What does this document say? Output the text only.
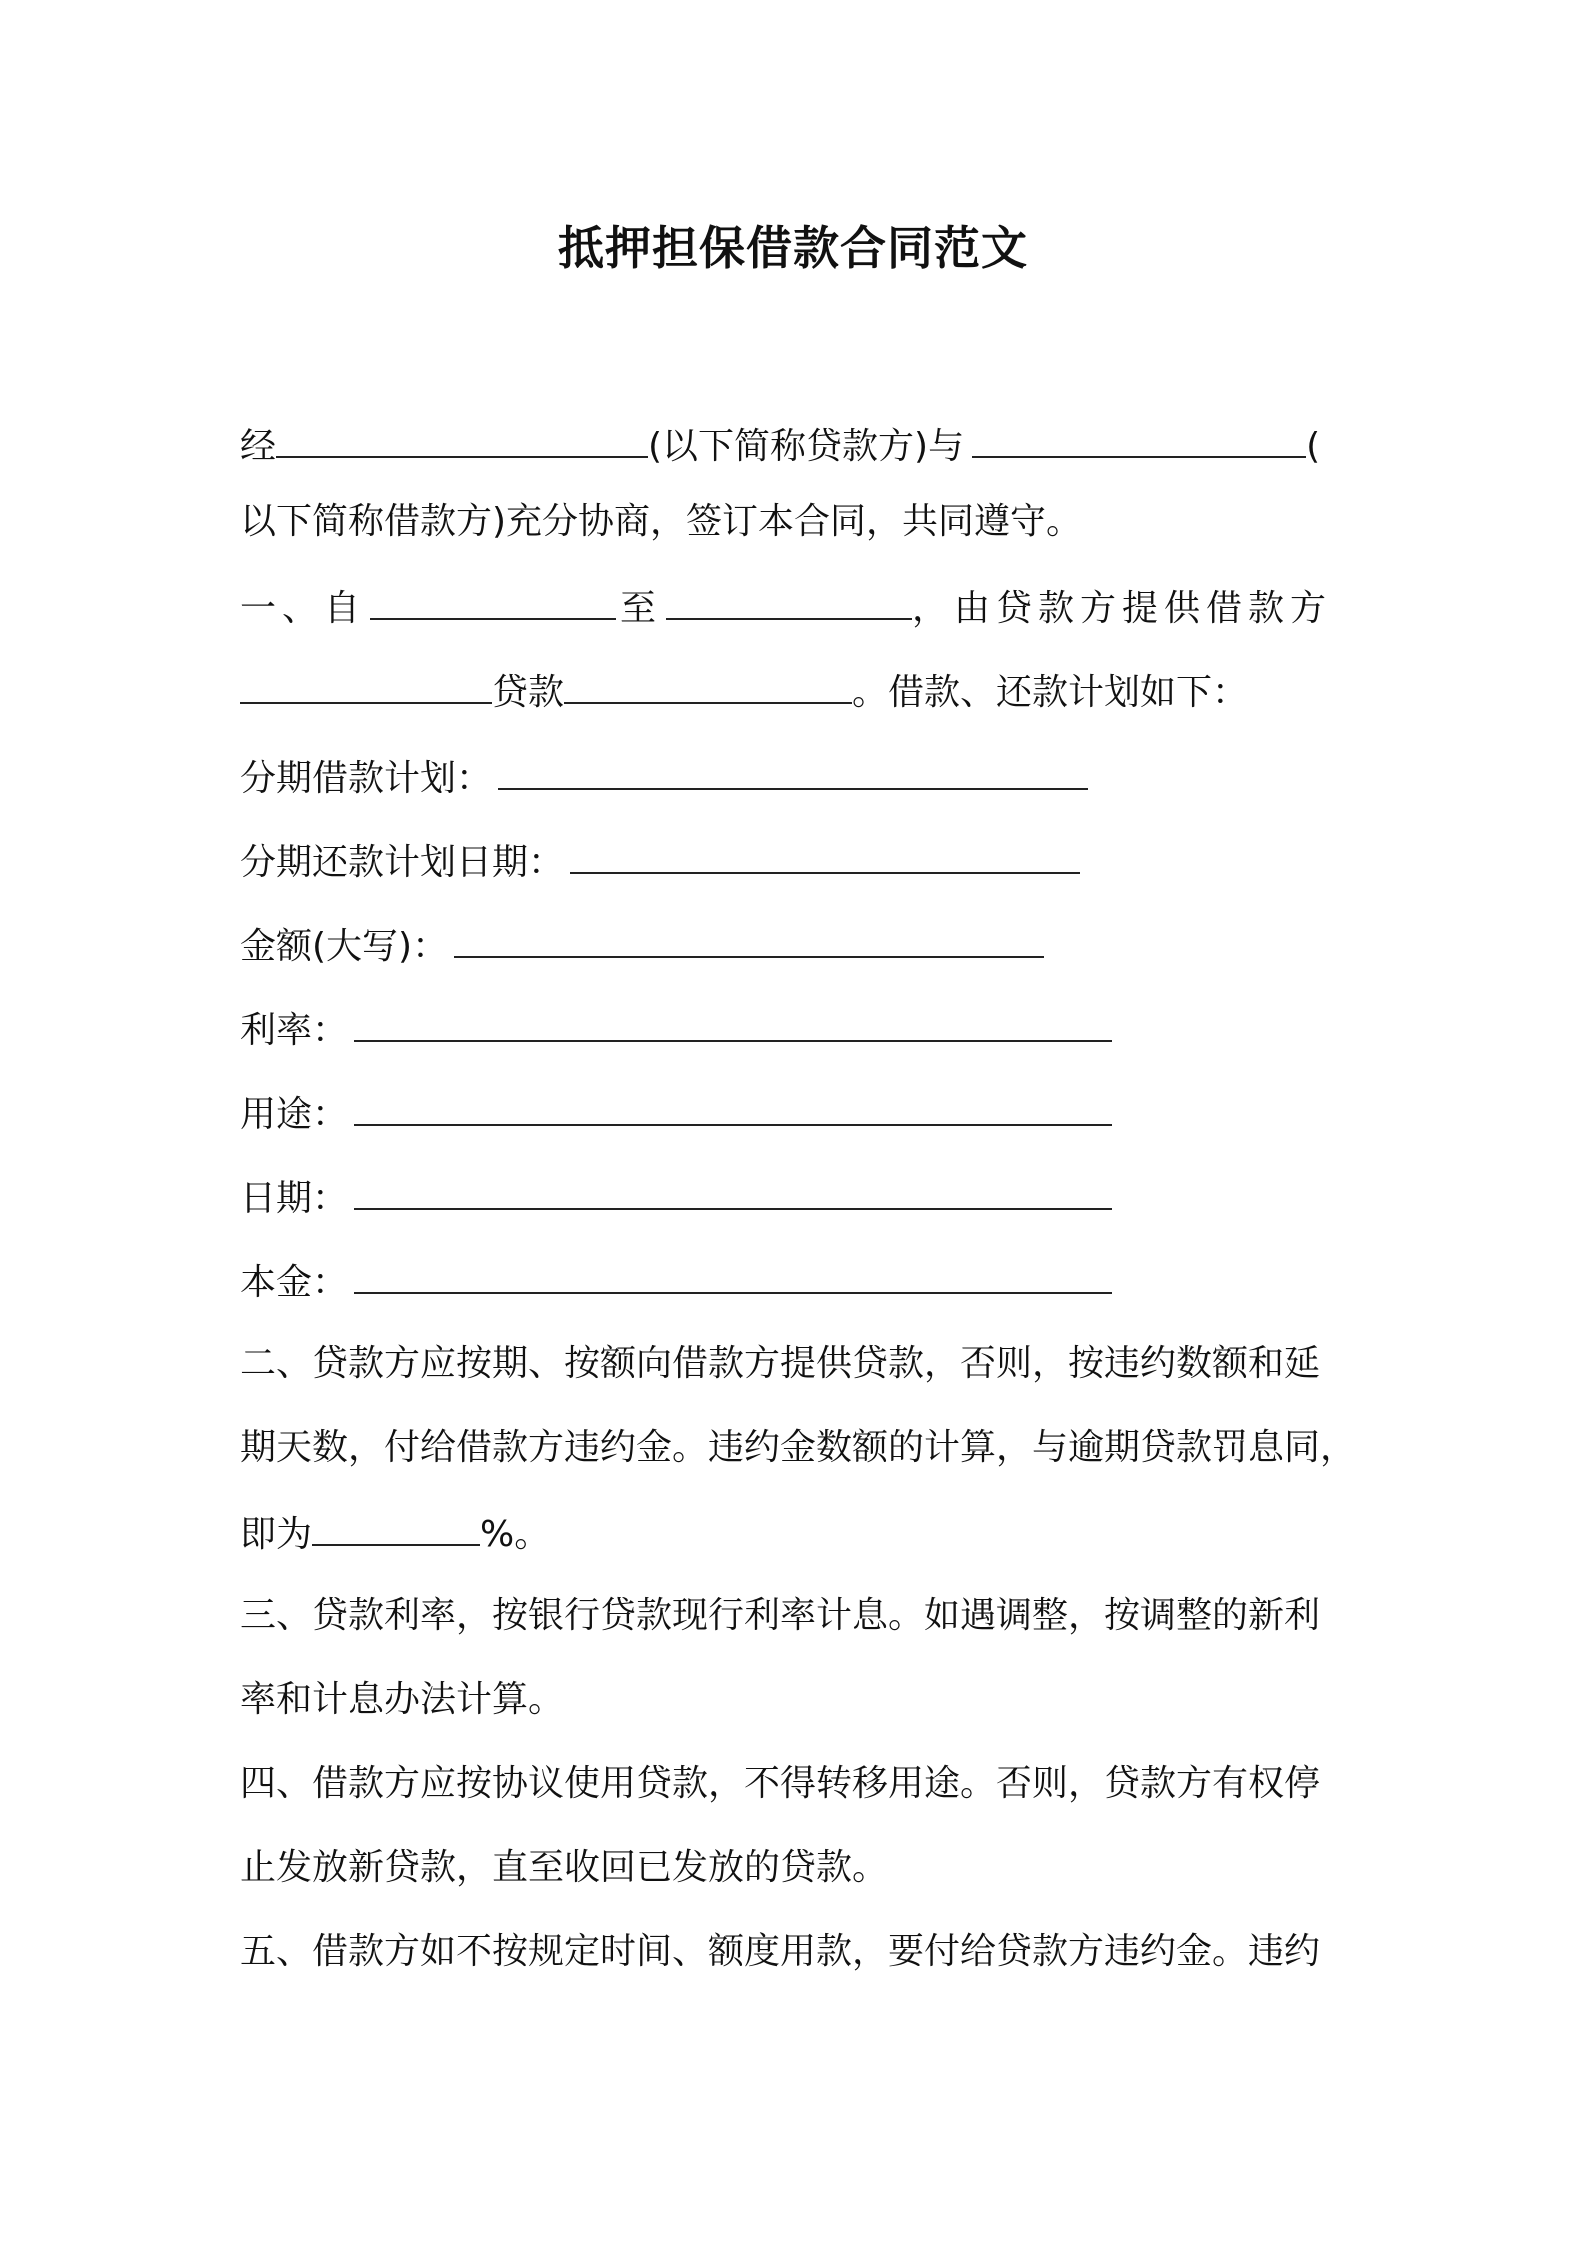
抵押担保借款合同范文
经	(以下简称贷款方)与	(
以下简称借款方)充分协商，签订本合同，共同遵守。
一、自	至	，由贷款方提供借款方
贷款	。借款、还款计划如下：
分期借款计划：
分期还款计划日期：
金额(大写)：
利率：
用途：
日期：
本金：
二、贷款方应按期、按额向借款方提供贷款，否则，按违约数额和延
期天数，付给借款方违约金。违约金数额的计算，与逾期贷款罚息同，
即为	%。
三、贷款利率，按银行贷款现行利率计息。如遇调整，按调整的新利
率和计息办法计算。
四、借款方应按协议使用贷款，不得转移用途。否则，贷款方有权停
止发放新贷款，直至收回已发放的贷款。
五、借款方如不按规定时间、额度用款，要付给贷款方违约金。违约
